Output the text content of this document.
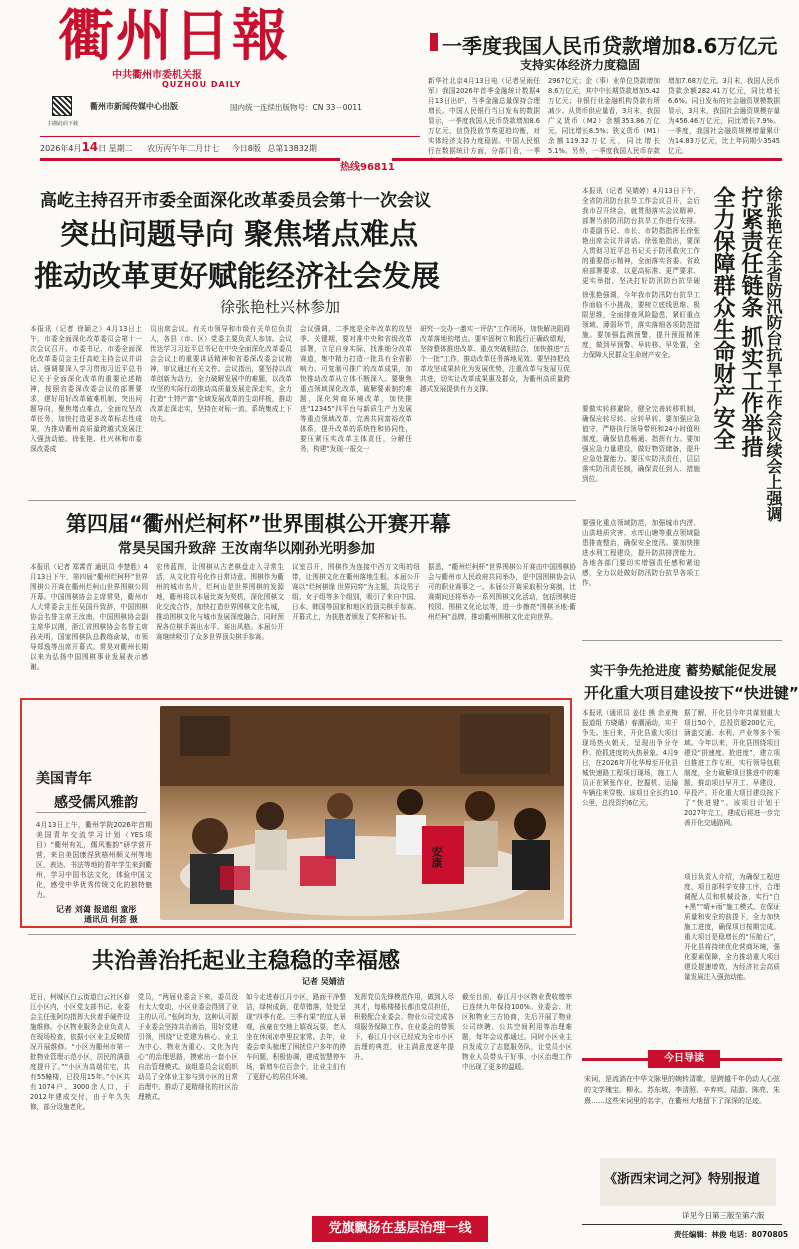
衢州日報
中共衢州市委机关报
QUZHOU DAILY
扫描此码下载
衢州市新闻传媒中心出版	国内统一连续出版物号：CN 33－0011
2026年4月14日 星期二 农历丙午年二月廿七 今日8版 总第13832期
热线96811
一季度我国人民币贷款增加8.6万亿元
支持实体经济力度稳固
新华社北京4月13日电（记者吴雨任军）我国2026年首季金融统计数据4月13日出炉，当季金融总量保持合理增长。中国人民银行当日发布的数据显示，一季度我国人民币贷款增加8.6万亿元，信贷投放节奏更趋均衡，对实体经济支持力度稳固。中国人民银行在数据统计方面，分部门看，一季
2967亿元；企（事）业单位贷款增加8.6万亿元，其中中长期贷款增加5.42万亿元；非银行业金融机构贷款有所减少。从货币供应量看，3月末，我国广义货币（M2）余额353.86万亿元，同比增长8.5%；狭义货币（M1）余额119.32万亿元，同比增长5.1%。另外，一季度我国人民币存款
增加7.68万亿元。3月末，我国人民币贷款余额282.41万亿元，同比增长6.6%。同日发布的社会融资规模数据显示，3月末，我国社会融资规模存量为456.46万亿元，同比增长7.9%。一季度，我国社会融资规模增量累计为14.83万亿元，比上年同期少3545亿元。
高屹主持召开市委全面深化改革委员会第十一次会议
突出问题导向 聚焦堵点难点
推动改革更好赋能经济社会发展
徐张艳杜兴林参加
本报讯（记者 徐颖之）4月13日上午，市委全面深化改革委员会第十一次会议召开。市委书记、市委全面深化改革委员会主任高屹主持会议并讲话。强调要深入学习贯彻习近平总书记关于全面深化改革的重要论述精神，按照省委深改委会议的部署要求，建好用好改革破难机制，突出问题导向，聚焦堵点难点，全面攻坚改革任务，加快打造更多改革标志性成果，为推动衢州高质量跨越式发展注入强劲动能。徐张艳、杜兴林和市委深改委成
员出席会议。有关市领导和市级有关单位负责人，各县（市、区）党委主要负责人参加。会议传达学习习近平总书记在中央全面深化改革委员会会议上的重要讲话精神和省委深改委会议精神，审议通过有关文件。会议指出，要坚持以改革创新为动力，全力破解发展中的难题，以改革攻坚的实际行动推动高质量发展走深走实，全力打造“土特产富”全域发展改革的生动样板，推动改革走深走实，坚持在对标一流、系统集成上下功夫。
会议强调，二季度是全年改革的攻坚季、关键期，要对准中央和省级改革部署，立足自身实际，找准细分改革赛道，集中精力打造一批具有全省影响力、可复制可推广的改革成果，加快推动改革从立体不断深入。要聚焦重点领域深化改革，破解要素制约难题，深化营商环境改革，加快推进“12345”四平台与新质生产力发展等重点领域改革，完善共同富裕改革体系，提升改革的系统性和协同性，要压紧压实改革主体责任，分解任务，构建“发现一报交一
研究一交办一激实一评估”工作闭环，加快解决阻碍改革落地的堵点。要牢固树立和践行正确政绩观，坚持整体推进改革、重点突破相结合，加快推进“五个一批”工作，推动改革任务落地见效。要坚持把改革攻坚成果转化为发展优势，注重改革与发展互促共进，切实让改革成果惠及群众，为衢州高质量跨越式发展提供有力支撑。	徐张艳在全省防汛防台抗旱工作会议续会上强调
拧紧责任链条 抓实工作举措
全力保障群众生命财产安全
本报讯（记者 吴婧婷）4月13日下午，全省防汛防台抗旱工作会议召开，会后我市召开续会，就贯彻落实会议精神、部署当前防汛防台抗旱工作进行安排。市委副书记、市长、市防指指挥长徐张艳出席会议并讲话。徐张艳指出，要深入贯彻习近平总书记关于防汛救灾工作的重要指示精神，全面落实省委、省政府部署要求，以更高标准、更严要求、更实举措，坚决打好防汛防台抗旱硬
徐张艳强调，今年我市防汛防台抗旱工作面临不小挑战，要树立底线思维、极限思维，全面排查风险隐患，紧盯重点领域、薄弱环节，落实落细各项防范措施。要加强监测预警，提升预报精准度，做到早预警、早转移、早处置，全力保障人民群众生命财产安全。
要做实转移避险，健全完善转移机制，确保应转尽转、应转早转。要加强应急值守，严格执行领导带班和24小时值班制度，确保信息畅通、指挥有力。要加强应急力量建设，做好物资储备，提升应急处置能力。要压实防汛责任，层层落实防汛责任制，确保责任到人、措施到位。
要强化重点领域防范，加强城市内涝、山洪地质灾害、水库山塘等重点领域隐患排查整治，确保安全度汛。要加快推进水利工程建设，提升防洪排涝能力。各地各部门要切实增强责任感和紧迫感，全力以赴做好防汛防台抗旱各项工作。
第四届“衢州烂柯杯”世界围棋公开赛开幕
常昊吴国升致辞 王汝南华以刚孙光明参加
本报讯（记者 郑霄青 通讯员 李楚胜）4月13日下午，第四届“衢州烂柯杯”世界围棋公开赛在衢州烂柯山世界围棋公园开幕。中国围棋协会主席常昊，衢州市人大常委会主任吴国升致辞，中国围棋协会名誉主席王汝南，中国围棋协会副主席华以刚，浙江省围棋协会名誉主席孙光明，国家围棋队总教练俞斌，市领导郑逸等出席开幕式。常昊对衢州长期以来为弘扬中国围棋事业发展表示感谢。
宏伟蓝图，让围棋从古老棋盘走入寻常生活，从文化符号化作日常诗意。围棋作为衢州的城市名片，烂柯山是世界围棋的发源地，衢州将以本届比赛为契机，深化围棋文化交流合作，加快打造世界围棋文化名城，推动围棋文化与城市发展深度融合，同时预祝各位棋手赛出水平、赛出风格。本届公开赛继续吸引了众多世界顶尖棋手参赛。
议室召开，围棋作为连接中西方文明的纽带，让围棋文化在衢州落地生根。本届公开赛以“烂柯棋缘 世界同弈”为主题，共设男子组、女子组等多个组别，吸引了来自中国、日本、韩国等国家和地区的顶尖棋手参赛。开幕式上，为获胜者颁发了奖杯和证书。
据悉，“衢州烂柯杯”世界围棋公开赛由中国围棋协会与衢州市人民政府共同举办，是中国围棋协会认可的职业赛事之一。本届公开赛采取积分赛制，比赛期间还将举办一系列围棋文化活动，包括围棋进校园、围棋文化论坛等，进一步擦亮“围棋圣地·衢州烂柯”品牌，推动衢州围棋文化走向世界。
美国青年
感受儒风雅韵
4月13日上午，衢州学院2026年首期美国青年交流学习计划（YES项目）“衢州有礼，儒风雅韵”研学营开营，来自美国康涅狄格州顺义州等地区、表达、书法等地的青年学生来到衢州，学习中国书法文化，体验中国文化，感受中华优秀传统文化的独特魅力。
记者 刘蔼 报道组 童彤
通讯员 何荟 摄
安康
实干争先抢进度 蓄势赋能促发展
开化重大项目建设按下“快进键”
本报讯（通讯员 姜佳 熊 余亚梅 报道组 方晓璐）春潮涌动，实干争先。连日来，开化县重大项目现场热火朝天，呈现出争分夺秒、抢抓进度的火热景象。4月9日，在2026年开化华埠至开化县城快速路工程项目现场，施工人员正在紧张作业，挖掘机、运输车辆往来穿梭。该项目全长约10公里，总投资约6亿元。
据了解，开化县今年共谋划重大项目50个，总投资超200亿元，涵盖交通、水利、产业等多个领域。今年以来，开化县围绕项目建设“拼速度、抢进度”，建立项目推进工作专班，实行领导包联制度，全力破解项目推进中的难题，推动项目早开工、早建设、早投产。开化重大项目建设按下了“快进键”。该项目计划于2027年完工，建成后将进一步完善开化交通路网。
项目负责人介绍，为确保工程进度，项目部科学安排工序，合理调配人员和机械设备，实行“白+黑”“晴+雨”施工模式。在保证质量和安全的前提下，全力加快施工进度，确保项目按期完成。重大项目是稳增长的“压舱石”，开化县将持续优化营商环境，强化要素保障，全力推动重大项目建设提速增效，为经济社会高质量发展注入强劲动能。
共治善治托起业主稳稳的幸福感
记者 吴婧洁
近日，柯城区白云街道白云社区春江小区内，小区党支部书记、业委会主任张阿均指挥大伙着手硬件设施维修。小区物业服务企业负责人在现场检查，依据小区业主反映情况开展维修。“小区为衢州市第一批物业管理示范小区，居民的满意度提升了。”“小区为高端住宅，共有55幢楼，已投用15年。”小区共有1074户、3000余人口，于2012年建成交付，由于年久失修，部分设施老化。
党员，“两届业委会下来，委员没有太大变动，小区业委会得到了业主的认可。”张阿均为，这种认可源于业委会坚持共治善治，用好党建引领，围绕“让党建为核心、业主为中心、物业为重心、文化为内心”的治理思路，摸索出一套小区自治管理模式。该组委员会议组织动员了全体业主参与到小区的日常治理中，推动了更精细化的社区治理模式。
如今走进春江月小区，路面干净整洁，绿树成荫，花草错落，处处呈现“四季有花、三季有果”的宜人景观，孩童在空地上嬉戏玩耍，老人坐在休闲凉亭里拉家常。去年，业委会牵头梳理了困扰住户多年的停车问题，积极协调，建成智慧停车场，新增车位百余个，让业主们有了更舒心的居住环境。
发挥党员先锋模范作用，做到人尽其才，每栋楼楼长都由党员担任，积极配合业委会、物业公司完成各项服务保障工作。在业委会的带领下，春江月小区已经成为全市小区治理的典范，业主满意度逐年提升。
截至目前，春江月小区物业费收缴率已连续九年保持100%。业委会、社区和物业三方协商，先后开展了物业公司续聘、公共空间利用等治理难题，每年会议都通过。同时小区业主自发成立了志愿服务队，让党员小区物业人员带头干好事，小区治理工作中出现了更多的温暖。
党旗飘扬在基层治理一线
今日导读
宋词，是流淌在中华文脉里的婉转清歌，是跨越千年仍动人心弦的文学瑰宝。柳永、苏东坡、李清照、辛弃疾、陆游、陈亮、朱熹……这些宋词里的名字，在衢州大地留下了深深的足迹。
《浙西宋词之河》特别报道
详见今日第三版至第六版
责任编辑：林俊 电话：8070805
